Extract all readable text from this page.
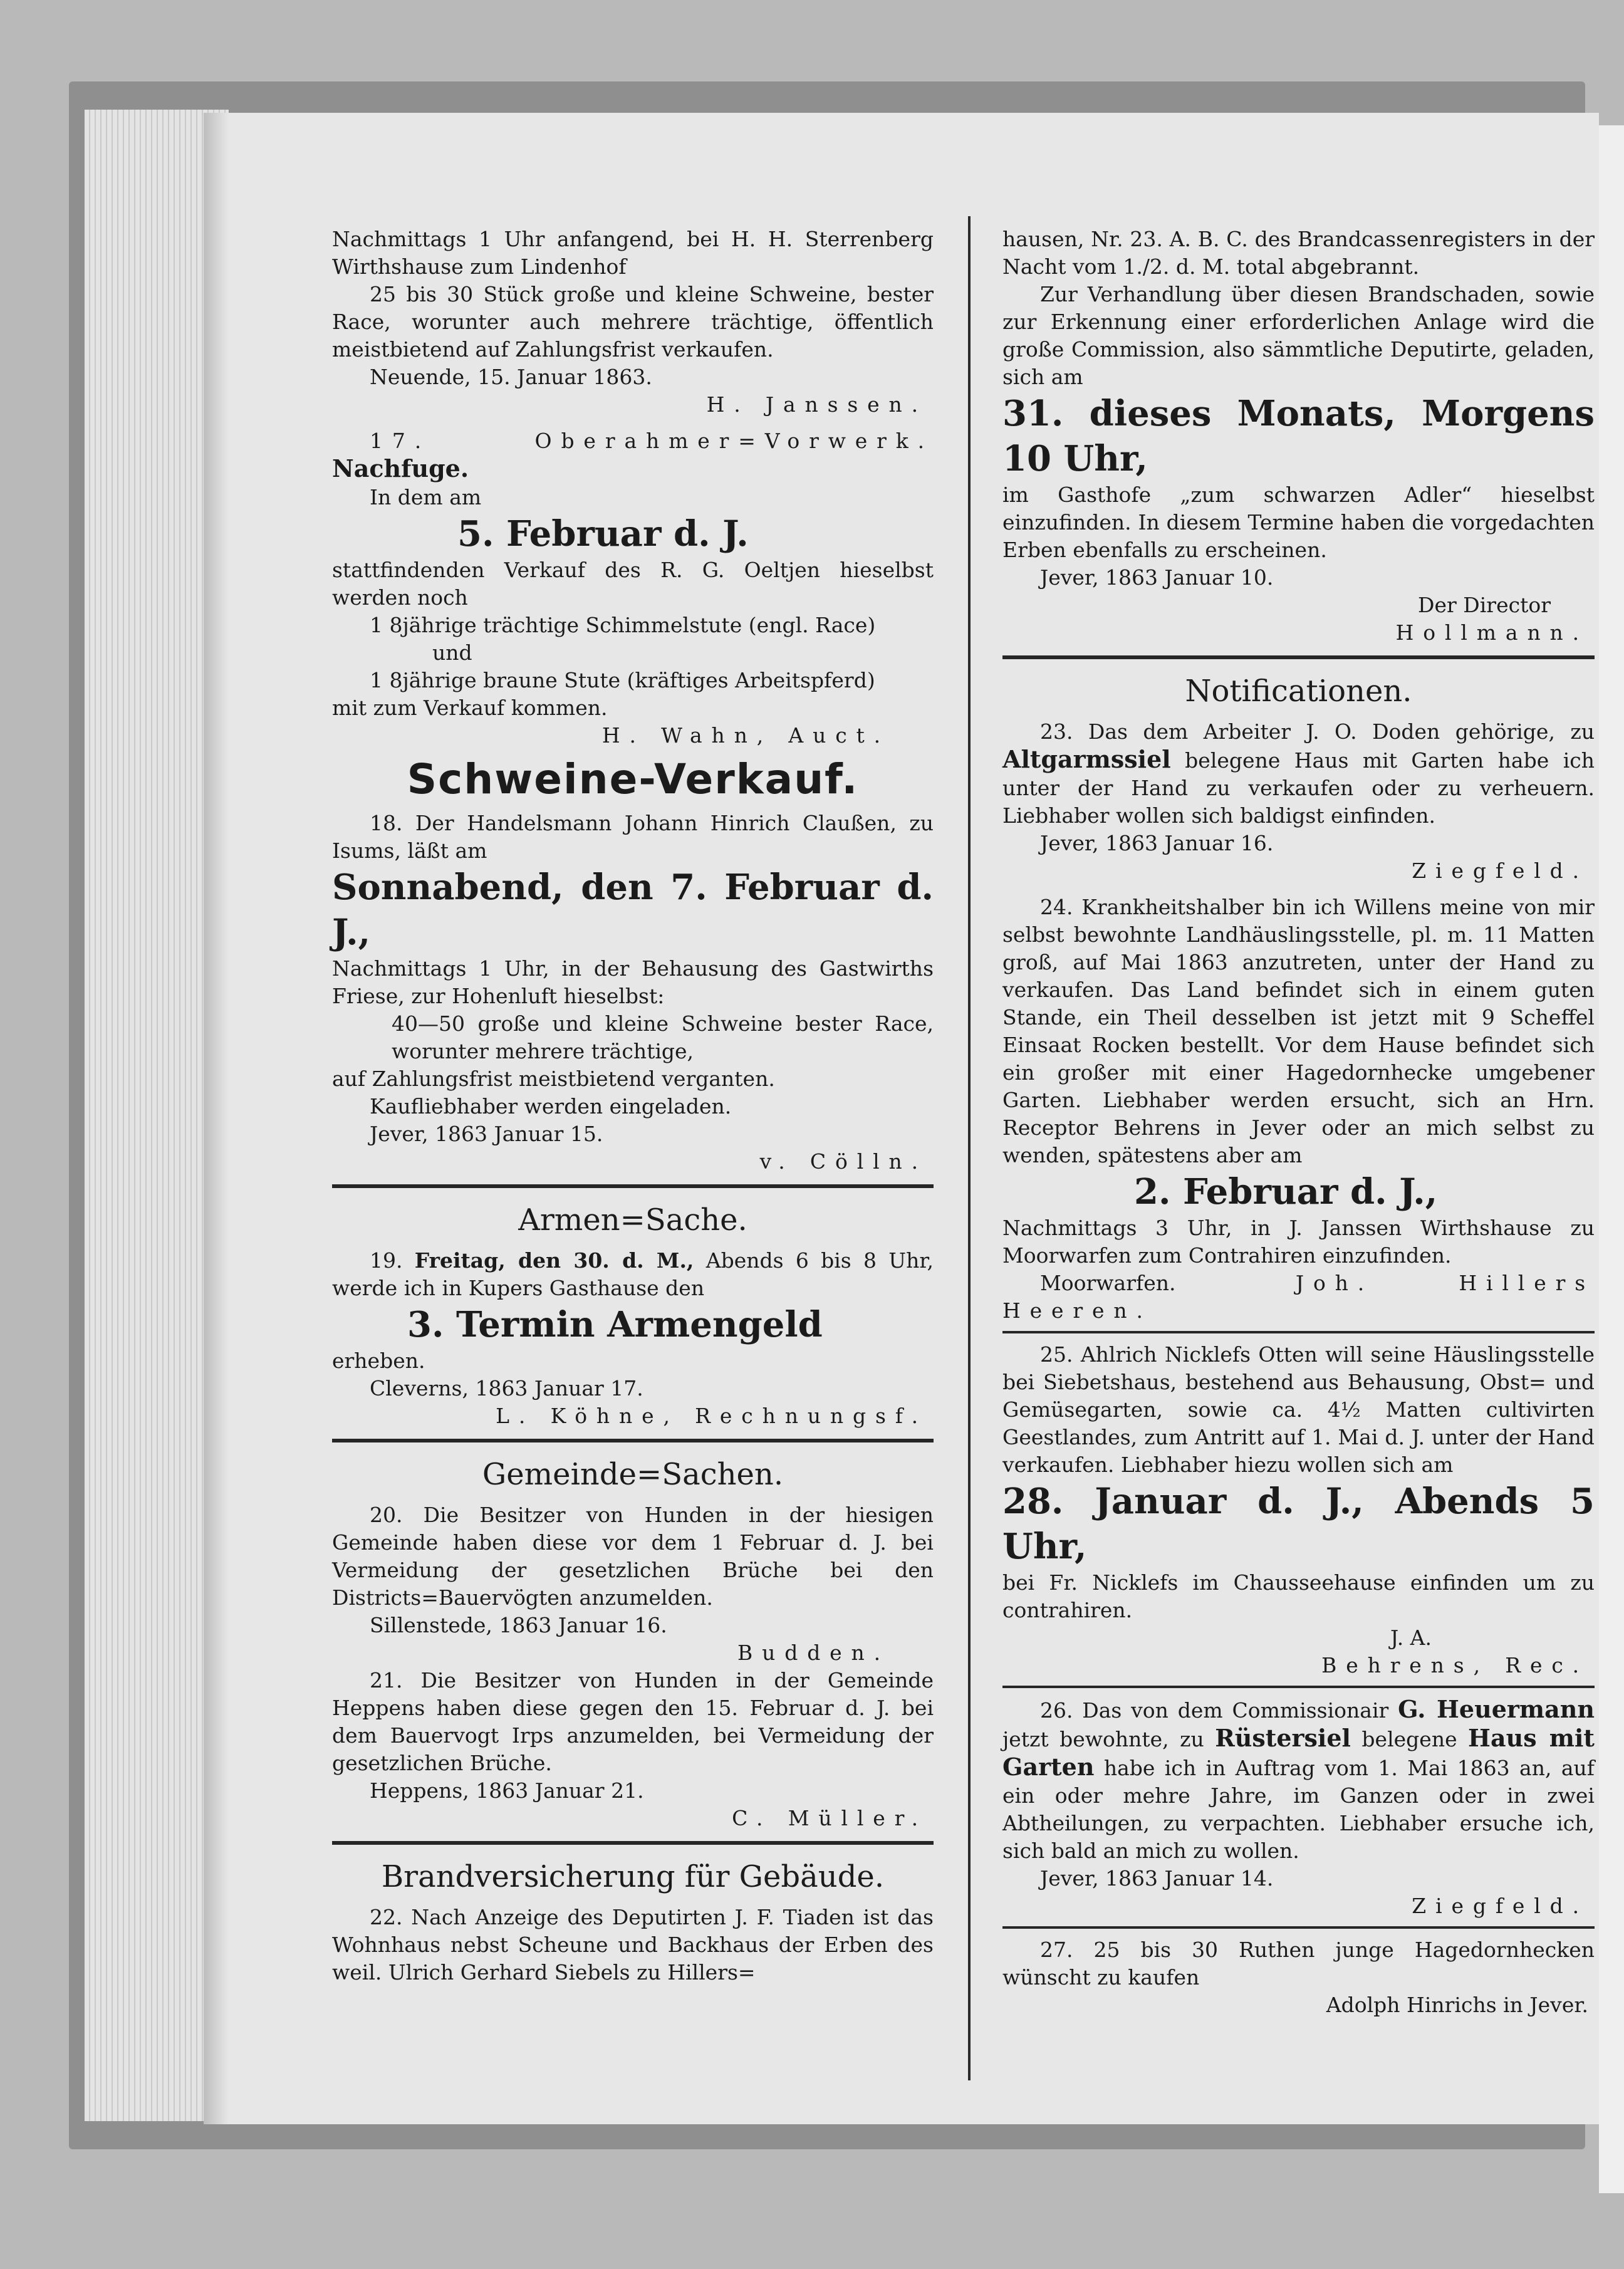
Nachmittags 1 Uhr anfangend, bei H. H. Sterrenberg Wirthshause zum Lindenhof

25 bis 30 Stück große und kleine Schweine, bester Race, worunter auch mehrere trächtige, öffentlich meistbietend auf Zahlungsfrist verkaufen.

Neuende, 15. Januar 1863.

H. Janssen.

17. Oberahmer=Vorwerk. Nachfuge.

In dem am

5. Februar d. J.

stattfindenden Verkauf des R. G. Oeltjen hieselbst werden noch

1 8jährige trächtige Schimmelstute (engl. Race)

und

1 8jährige braune Stute (kräftiges Arbeitspferd)

mit zum Verkauf kommen.

H. Wahn, Auct.

Schweine-Verkauf.

18. Der Handelsmann Johann Hinrich Claußen, zu Isums, läßt am

Sonnabend, den 7. Februar d. J.,

Nachmittags 1 Uhr, in der Behausung des Gastwirths Friese, zur Hohenluft hieselbst:

40—50 große und kleine Schweine bester Race, worunter mehrere trächtige,

auf Zahlungsfrist meistbietend verganten.

Kaufliebhaber werden eingeladen.

Jever, 1863 Januar 15.

v. Cölln.

Armen=Sache.

19. Freitag, den 30. d. M., Abends 6 bis 8 Uhr, werde ich in Kupers Gasthause den

3. Termin Armengeld

erheben.

Cleverns, 1863 Januar 17.

L. Köhne, Rechnungsf.

Gemeinde=Sachen.

20. Die Besitzer von Hunden in der hiesigen Gemeinde haben diese vor dem 1 Februar d. J. bei Vermeidung der gesetzlichen Brüche bei den Districts=Bauervögten anzumelden.

Sillenstede, 1863 Januar 16.

Budden.

21. Die Besitzer von Hunden in der Gemeinde Heppens haben diese gegen den 15. Februar d. J. bei dem Bauervogt Irps anzumelden, bei Vermeidung der gesetzlichen Brüche.

Heppens, 1863 Januar 21.

C. Müller.

Brandversicherung für Gebäude.

22. Nach Anzeige des Deputirten J. F. Tiaden ist das Wohnhaus nebst Scheune und Backhaus der Erben des weil. Ulrich Gerhard Siebels zu Hillers=

hausen, Nr. 23. A. B. C. des Brandcassenregisters in der Nacht vom 1./2. d. M. total abgebrannt.

Zur Verhandlung über diesen Brandschaden, sowie zur Erkennung einer erforderlichen Anlage wird die große Commission, also sämmtliche Deputirte, geladen, sich am

31. dieses Monats, Morgens 10 Uhr,

im Gasthofe „zum schwarzen Adler“ hieselbst einzufinden. In diesem Termine haben die vorgedachten Erben ebenfalls zu erscheinen.

Jever, 1863 Januar 10.

Der Director

Hollmann.

Notificationen.

23. Das dem Arbeiter J. O. Doden gehörige, zu Altgarmssiel belegene Haus mit Garten habe ich unter der Hand zu verkaufen oder zu verheuern. Liebhaber wollen sich baldigst einfinden.

Jever, 1863 Januar 16.

Ziegfeld.

24. Krankheitshalber bin ich Willens meine von mir selbst bewohnte Landhäuslingsstelle, pl. m. 11 Matten groß, auf Mai 1863 anzutreten, unter der Hand zu verkaufen. Das Land befindet sich in einem guten Stande, ein Theil desselben ist jetzt mit 9 Scheffel Einsaat Rocken bestellt. Vor dem Hause befindet sich ein großer mit einer Hagedornhecke umgebener Garten. Liebhaber werden ersucht, sich an Hrn. Receptor Behrens in Jever oder an mich selbst zu wenden, spätestens aber am

2. Februar d. J.,

Nachmittags 3 Uhr, in J. Janssen Wirthshause zu Moorwarfen zum Contrahiren einzufinden.

Moorwarfen.	Joh. Hillers Heeren.

25. Ahlrich Nicklefs Otten will seine Häuslingsstelle bei Siebetshaus, bestehend aus Behausung, Obst= und Gemüsegarten, sowie ca. 4½ Matten cultivirten Geestlandes, zum Antritt auf 1. Mai d. J. unter der Hand verkaufen. Liebhaber hiezu wollen sich am

28. Januar d. J., Abends 5 Uhr,

bei Fr. Nicklefs im Chausseehause einfinden um zu contrahiren.

J. A.

Behrens, Rec.

26. Das von dem Commissionair G. Heuermann jetzt bewohnte, zu Rüstersiel belegene Haus mit Garten habe ich in Auftrag vom 1. Mai 1863 an, auf ein oder mehre Jahre, im Ganzen oder in zwei Abtheilungen, zu verpachten. Liebhaber ersuche ich, sich bald an mich zu wollen.

Jever, 1863 Januar 14.

Ziegfeld.

27. 25 bis 30 Ruthen junge Hagedornhecken wünscht zu kaufen

Adolph Hinrichs in Jever.
